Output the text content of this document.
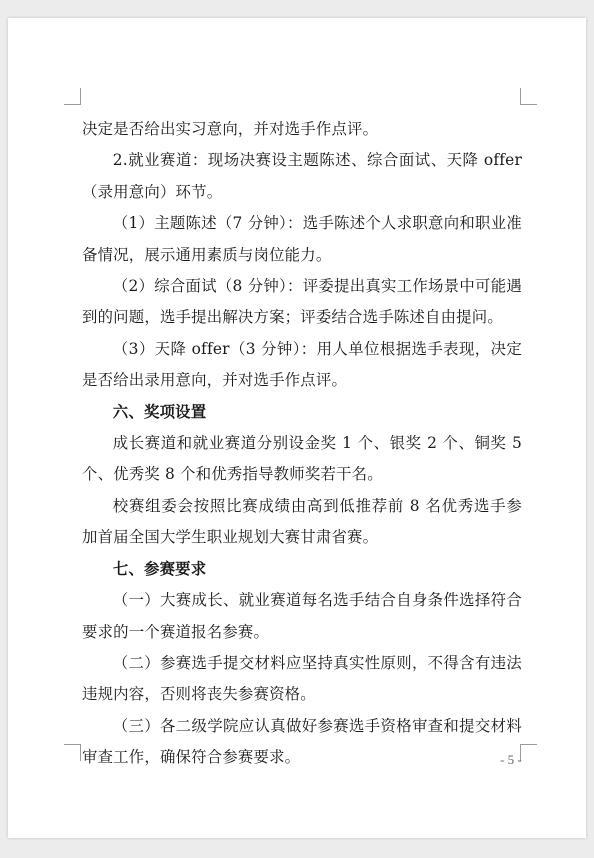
决定是否给出实习意向，并对选手作点评。

2.就业赛道：现场决赛设主题陈述、综合面试、天降 offer（录用意向）环节。

（1）主题陈述（7 分钟）：选手陈述个人求职意向和职业准备情况，展示通用素质与岗位能力。

（2）综合面试（8 分钟）：评委提出真实工作场景中可能遇到的问题，选手提出解决方案；评委结合选手陈述自由提问。

（3）天降 offer（3 分钟）：用人单位根据选手表现，决定是否给出录用意向，并对选手作点评。

六、奖项设置

成长赛道和就业赛道分别设金奖 1 个、银奖 2 个、铜奖 5 个、优秀奖 8 个和优秀指导教师奖若干名。

校赛组委会按照比赛成绩由高到低推荐前 8 名优秀选手参加首届全国大学生职业规划大赛甘肃省赛。

七、参赛要求

（一）大赛成长、就业赛道每名选手结合自身条件选择符合要求的一个赛道报名参赛。

（二）参赛选手提交材料应坚持真实性原则，不得含有违法违规内容，否则将丧失参赛资格。

（三）各二级学院应认真做好参赛选手资格审查和提交材料审查工作，确保符合参赛要求。	- 5 -
